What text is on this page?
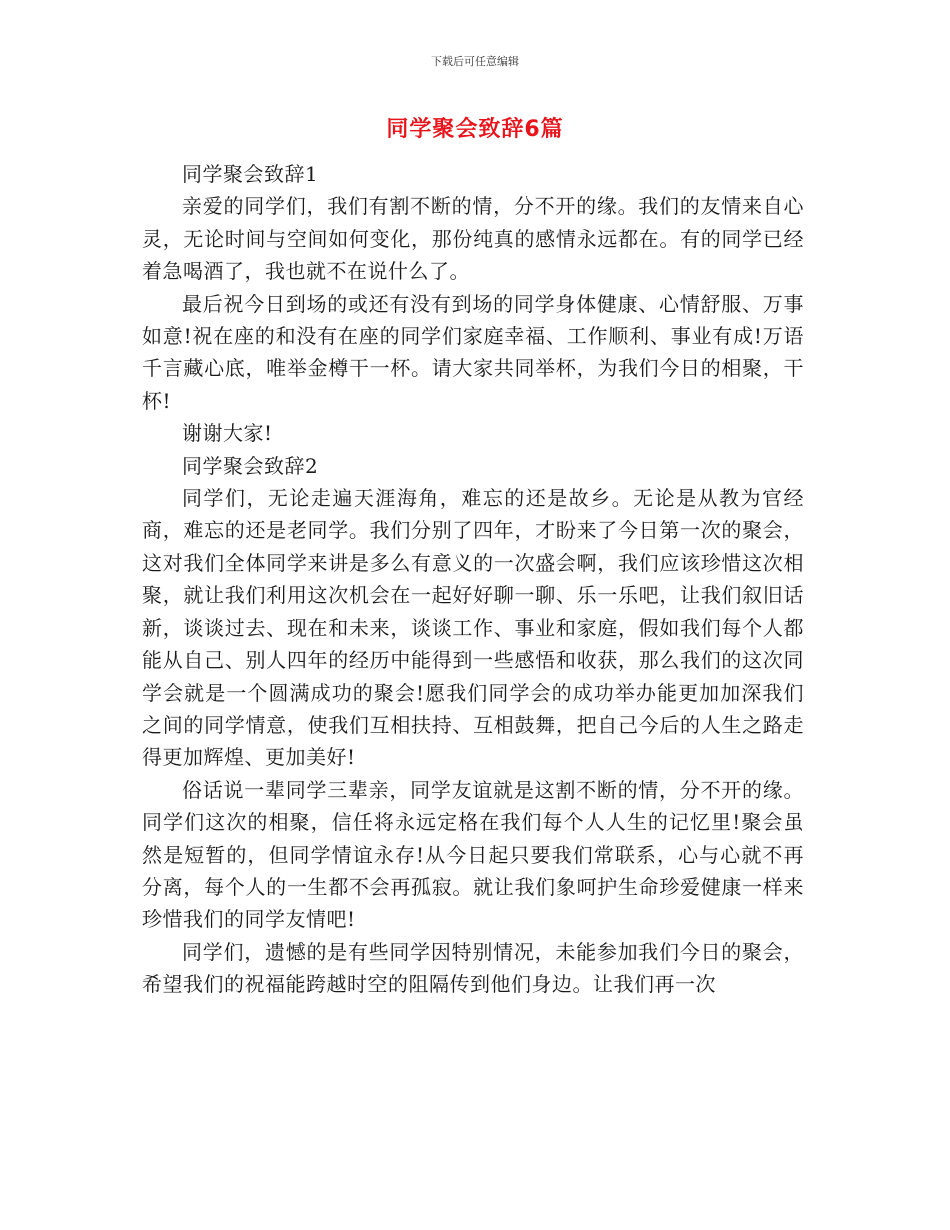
下载后可任意编辑
同学聚会致辞6篇

同学聚会致辞1

亲爱的同学们，我们有割不断的情，分不开的缘。我们的友情来自心灵，无论时间与空间如何变化，那份纯真的感情永远都在。有的同学已经着急喝酒了，我也就不在说什么了。

最后祝今日到场的或还有没有到场的同学身体健康、心情舒服、万事如意!祝在座的和没有在座的同学们家庭幸福、工作顺利、事业有成!万语千言藏心底，唯举金樽干一杯。请大家共同举杯，为我们今日的相聚，干杯!

谢谢大家!

同学聚会致辞2

同学们，无论走遍天涯海角，难忘的还是故乡。无论是从教为官经商，难忘的还是老同学。我们分别了四年，才盼来了今日第一次的聚会，这对我们全体同学来讲是多么有意义的一次盛会啊，我们应该珍惜这次相聚，就让我们利用这次机会在一起好好聊一聊、乐一乐吧，让我们叙旧话新，谈谈过去、现在和未来，谈谈工作、事业和家庭，假如我们每个人都能从自己、别人四年的经历中能得到一些感悟和收获，那么我们的这次同学会就是一个圆满成功的聚会!愿我们同学会的成功举办能更加加深我们之间的同学情意，使我们互相扶持、互相鼓舞，把自己今后的人生之路走得更加辉煌、更加美好!

俗话说一辈同学三辈亲，同学友谊就是这割不断的情，分不开的缘。同学们这次的相聚，信任将永远定格在我们每个人人生的记忆里!聚会虽然是短暂的，但同学情谊永存!从今日起只要我们常联系，心与心就不再分离，每个人的一生都不会再孤寂。就让我们象呵护生命珍爱健康一样来珍惜我们的同学友情吧!

同学们，遗憾的是有些同学因特别情况，未能参加我们今日的聚会，希望我们的祝福能跨越时空的阻隔传到他们身边。让我们再一次
